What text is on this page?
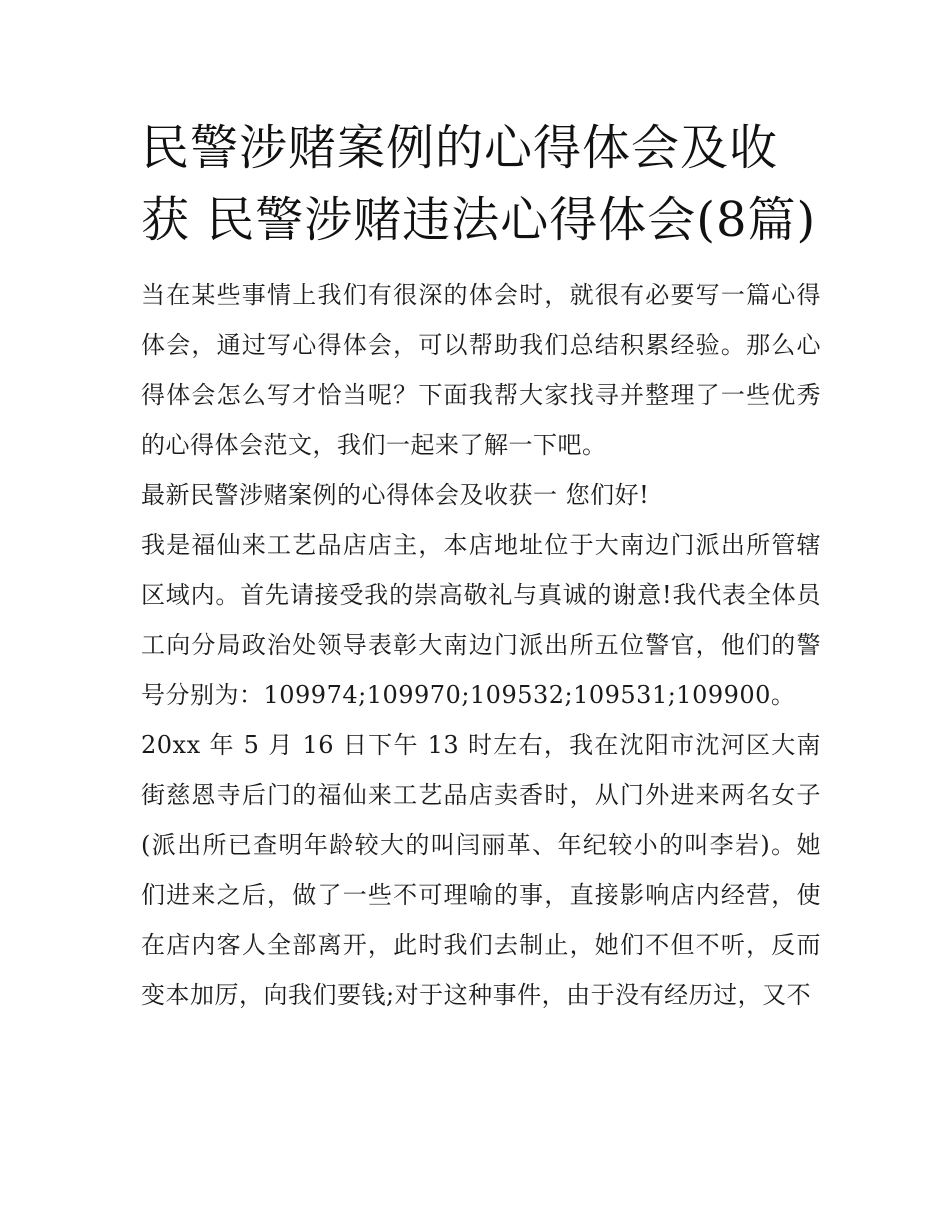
民警涉赌案例的心得体会及收获 民警涉赌违法心得体会(8篇)

当在某些事情上我们有很深的体会时，就很有必要写一篇心得体会，通过写心得体会，可以帮助我们总结积累经验。那么心得体会怎么写才恰当呢？下面我帮大家找寻并整理了一些优秀的心得体会范文，我们一起来了解一下吧。

最新民警涉赌案例的心得体会及收获一 您们好!

我是福仙来工艺品店店主，本店地址位于大南边门派出所管辖区域内。首先请接受我的崇高敬礼与真诚的谢意!我代表全体员工向分局政治处领导表彰大南边门派出所五位警官，他们的警号分别为：109974;109970;109532;109531;109900。

20xx 年 5 月 16 日下午 13 时左右，我在沈阳市沈河区大南街慈恩寺后门的福仙来工艺品店卖香时，从门外进来两名女子(派出所已查明年龄较大的叫闫丽革、年纪较小的叫李岩)。她们进来之后，做了一些不可理喻的事，直接影响店内经营，使在店内客人全部离开，此时我们去制止，她们不但不听，反而变本加厉，向我们要钱;对于这种事件，由于没有经历过，又不
